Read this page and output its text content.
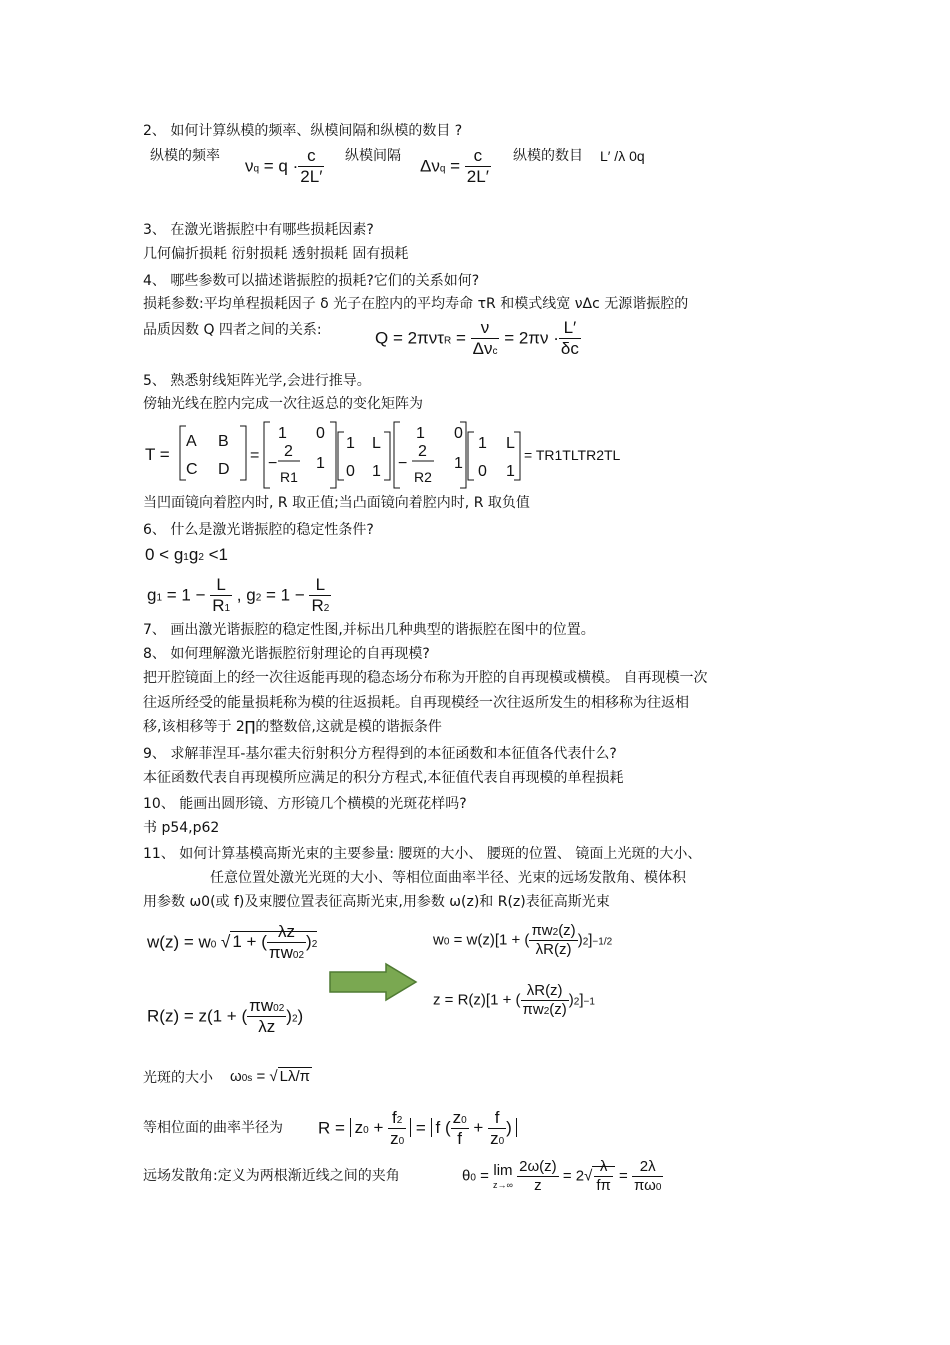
2、 如何计算纵模的频率、纵模间隔和纵模的数目 ?
纵模的频率
$\nu q = q \cdot \frac{c}{2L'}$ 纵模间隔
$\Delta\nu q = \frac{c}{2L'}$ 纵模的数目 L′ /λ 0q
3、 在激光谐振腔中有哪些损耗因素?
几何偏折损耗 衍射损耗 透射损耗 固有损耗
4、 哪些参数可以描述谐振腔的损耗?它们的关系如何?
损耗参数:平均单程损耗因子 δ 光子在腔内的平均寿命 τR 和模式线宽 νΔc 无源谐振腔的
品质因数 Q 四者之间的关系:	$Q = 2\pi\nu\tau R = \frac{\nu}{\text{Δνc}} = 2\pi\nu \cdot \frac{L'}{\delta c}$
5、 熟悉射线矩阵光学,会进行推导。
傍轴光线在腔内完成一次往返总的变化矩阵为
T =
A B
C D
=
1 0
−
2
R1
1
1 L
0 1
1 0
−
2
R2
1
1 L
0 1
= TR1TLTR2TL
当凹面镜向着腔内时, R 取正值;当凸面镜向着腔内时, R 取负值
6、 什么是激光谐振腔的稳定性条件?
0 < g1g2 <1
$g1 = 1 - \frac{L}{R1}$ , $g2 = 1 - \frac{L}{R2}$
7、 画出激光谐振腔的稳定性图,并标出几种典型的谐振腔在图中的位置。
8、 如何理解激光谐振腔衍射理论的自再现模?
把开腔镜面上的经一次往返能再现的稳态场分布称为开腔的自再现模或横模。 自再现模一次
往返所经受的能量损耗称为模的往返损耗。自再现模经一次往返所发生的相移称为往返相
移,该相移等于 2∏的整数倍,这就是模的谐振条件
9、 求解菲涅耳-基尔霍夫衍射积分方程得到的本征函数和本征值各代表什么?
本征函数代表自再现模所应满足的积分方程式,本征值代表自再现模的单程损耗
10、 能画出圆形镜、方形镜几个横模的光斑花样吗?
书 p54,p62
11、 如何计算基模高斯光束的主要参量: 腰斑的大小、 腰斑的位置、 镜面上光斑的大小、
任意位置处激光光斑的大小、等相位面曲率半径、光束的远场发散角、模体积
用参数 ω0(或 f)及束腰位置表征高斯光束,用参数 ω(z)和 R(z)表征高斯光束
w(z) = w0 √ 1 + ( $\frac{\lambda z}{\pi w02} )2$
R(z) = z(1 + ( $\frac{\pi w02}{\lambda z} )2$)
w0 = w(z)[1 + ( $\frac{\pi w2(z)}{\lambda R(z)} )2]-1/2$
z = R(z)[1 + ( $\frac{\lambda R(z)}{\pi w2(z)} )2]-1$
光斑的大小 ω0s = √ Lλ/π
等相位面的曲率半径为 $R = z0 + \frac{f2}{z0} = f$ ( $\frac{z0}{f} + \frac{f}{z0}$ )
远场发散角:定义为两根渐近线之间的夹角	θ0 = lim
z→∞
$\frac{2\omega(z)}{z} = 2√ \frac{\lambda}{f\pi} = \frac{2\lambda}{\pi\omega 0}$
